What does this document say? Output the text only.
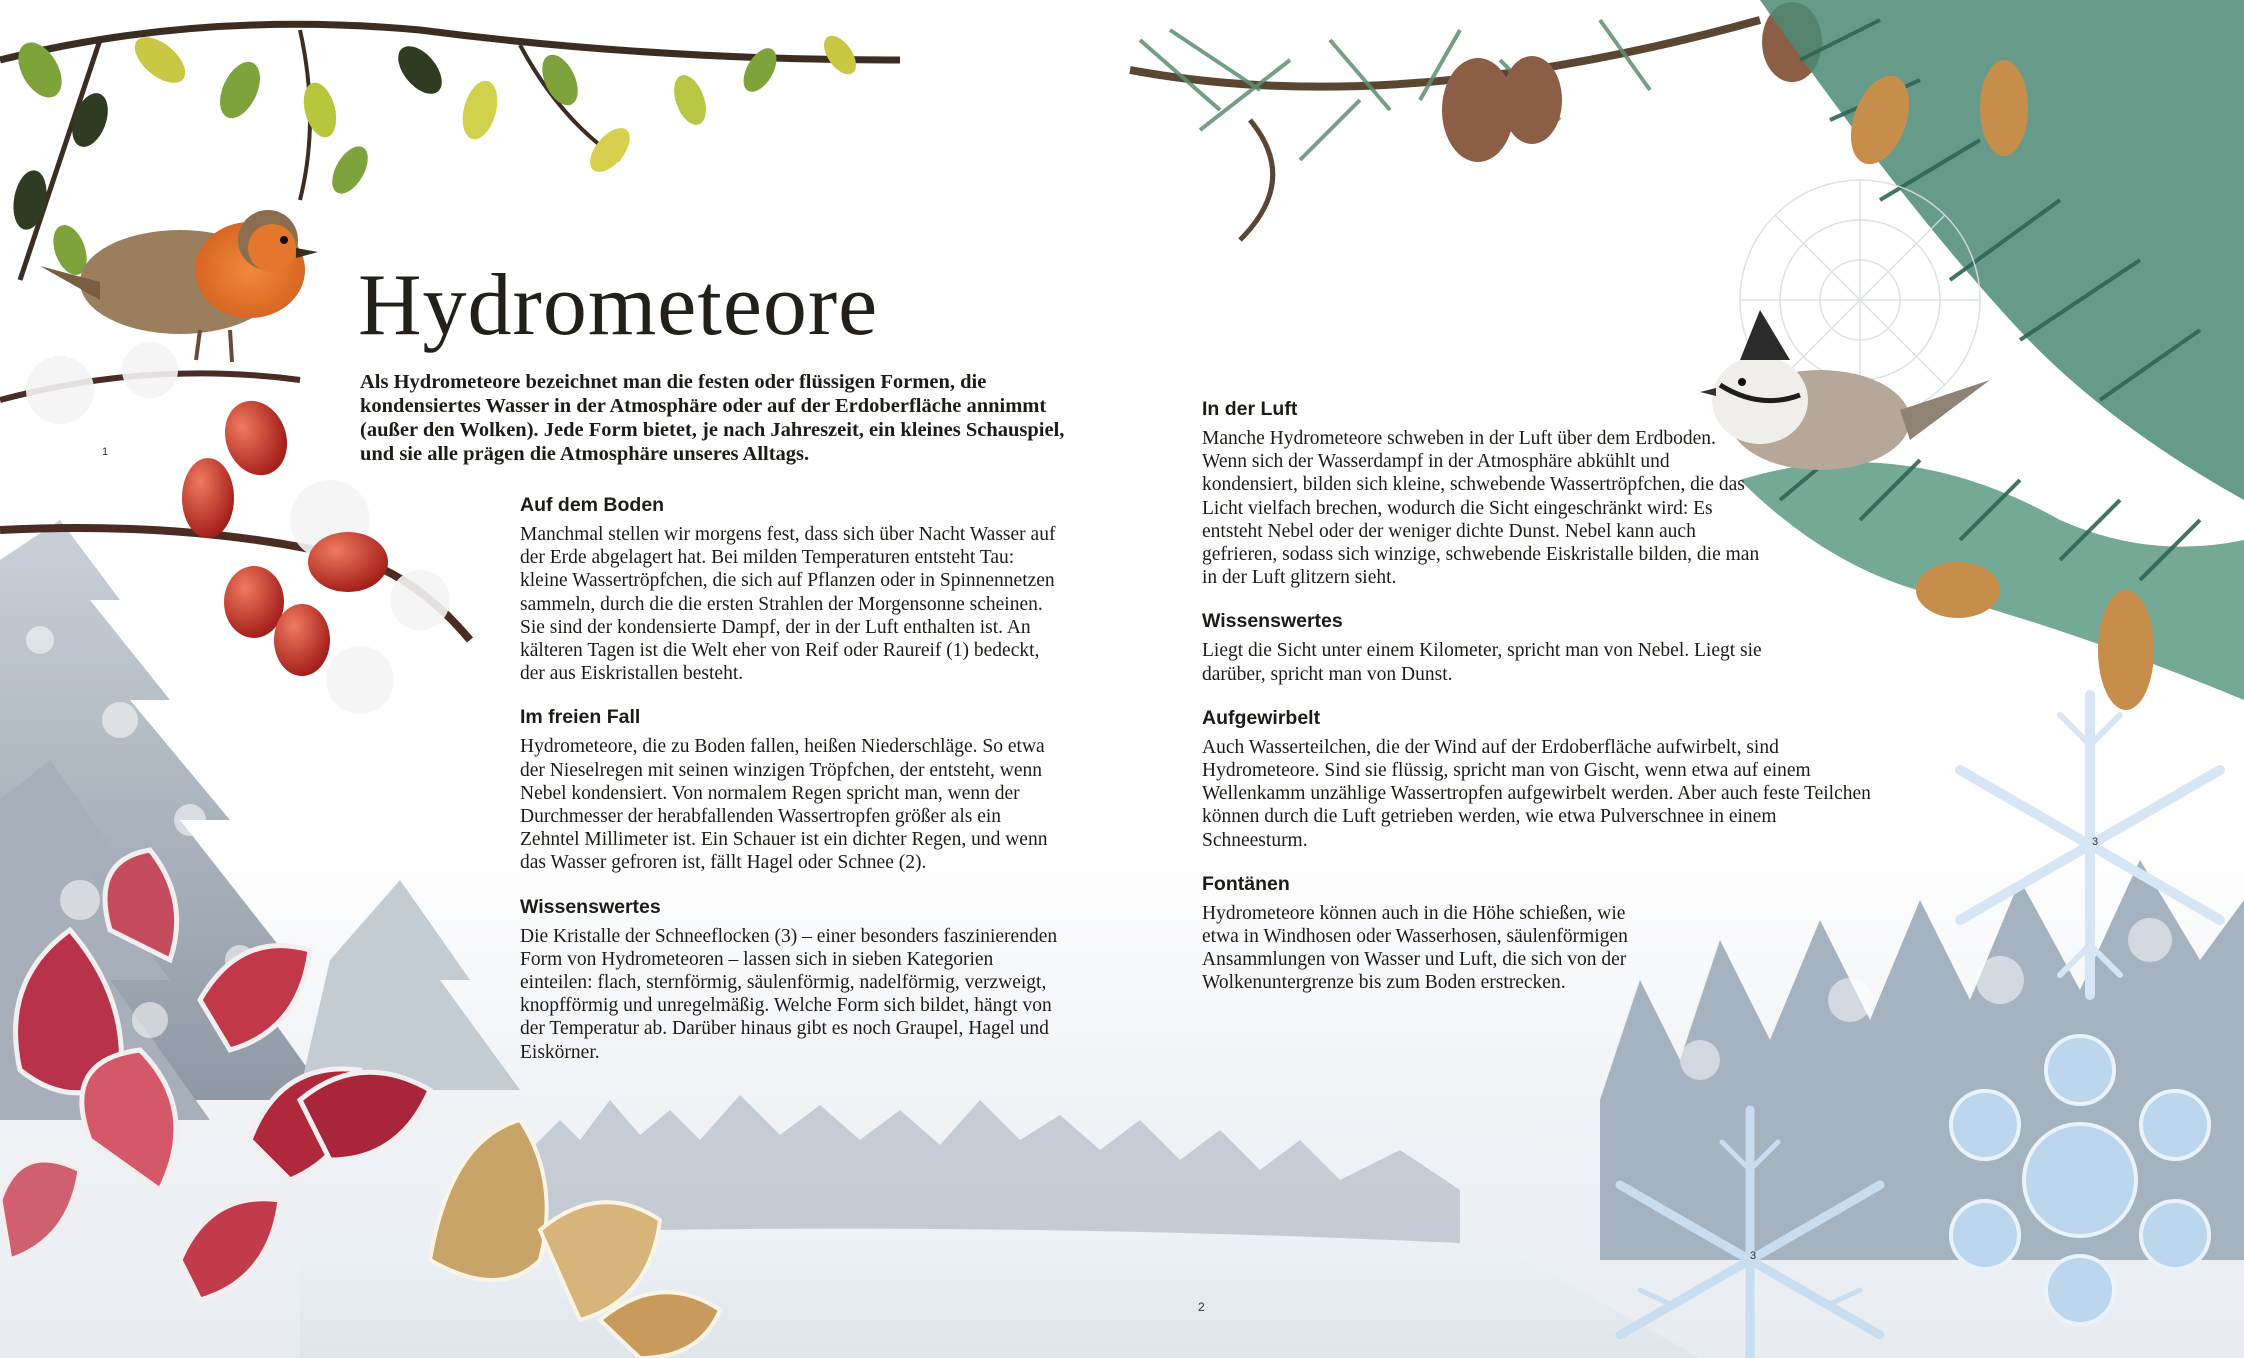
Hydrometeore

Als Hydrometeore bezeichnet man die festen oder flüssigen Formen, die kondensiertes Wasser in der Atmosphäre oder auf der Erdoberfläche annimmt (außer den Wolken). Jede Form bietet, je nach Jahreszeit, ein kleines Schauspiel, und sie alle prägen die Atmosphäre unseres Alltags.

Auf dem Boden

Manchmal stellen wir morgens fest, dass sich über Nacht Wasser auf der Erde abgelagert hat. Bei milden Temperaturen entsteht Tau: kleine Wassertröpfchen, die sich auf Pflanzen oder in Spinnennetzen sammeln, durch die die ersten Strahlen der Morgensonne scheinen. Sie sind der kondensierte Dampf, der in der Luft enthalten ist. An kälteren Tagen ist die Welt eher von Reif oder Raureif (1) bedeckt, der aus Eiskristallen besteht.

Im freien Fall

Hydrometeore, die zu Boden fallen, heißen Niederschläge. So etwa der Nieselregen mit seinen winzigen Tröpfchen, der entsteht, wenn Nebel kondensiert. Von normalem Regen spricht man, wenn der Durchmesser der herabfallenden Wassertropfen größer als ein Zehntel Millimeter ist. Ein Schauer ist ein dichter Regen, und wenn das Wasser gefroren ist, fällt Hagel oder Schnee (2).

Wissenswertes

Die Kristalle der Schneeflocken (3) – einer besonders faszinierenden Form von Hydrometeoren – lassen sich in sieben Kategorien einteilen: flach, sternförmig, säulenförmig, nadelförmig, verzweigt, knopfförmig und unregelmäßig. Welche Form sich bildet, hängt von der Temperatur ab. Darüber hinaus gibt es noch Graupel, Hagel und Eiskörner.

In der Luft

Manche Hydrometeore schweben in der Luft über dem Erdboden. Wenn sich der Wasserdampf in der Atmosphäre abkühlt und kondensiert, bilden sich kleine, schwebende Wassertröpfchen, die das Licht vielfach brechen, wodurch die Sicht eingeschränkt wird: Es entsteht Nebel oder der weniger dichte Dunst. Nebel kann auch gefrieren, sodass sich winzige, schwebende Eiskristalle bilden, die man in der Luft glitzern sieht.

Wissenswertes

Liegt die Sicht unter einem Kilometer, spricht man von Nebel. Liegt sie darüber, spricht man von Dunst.

Aufgewirbelt

Auch Wasserteilchen, die der Wind auf der Erdoberfläche aufwirbelt, sind Hydrometeore. Sind sie flüssig, spricht man von Gischt, wenn etwa auf einem Wellenkamm unzählige Wassertropfen aufgewirbelt werden. Aber auch feste Teilchen können durch die Luft getrieben werden, wie etwa Pulverschnee in einem Schneesturm.

Fontänen

Hydrometeore können auch in die Höhe schießen, wie etwa in Windhosen oder Wasserhosen, säulenförmigen Ansammlungen von Wasser und Luft, die sich von der Wolkenuntergrenze bis zum Boden erstrecken.

1
2
3
3
